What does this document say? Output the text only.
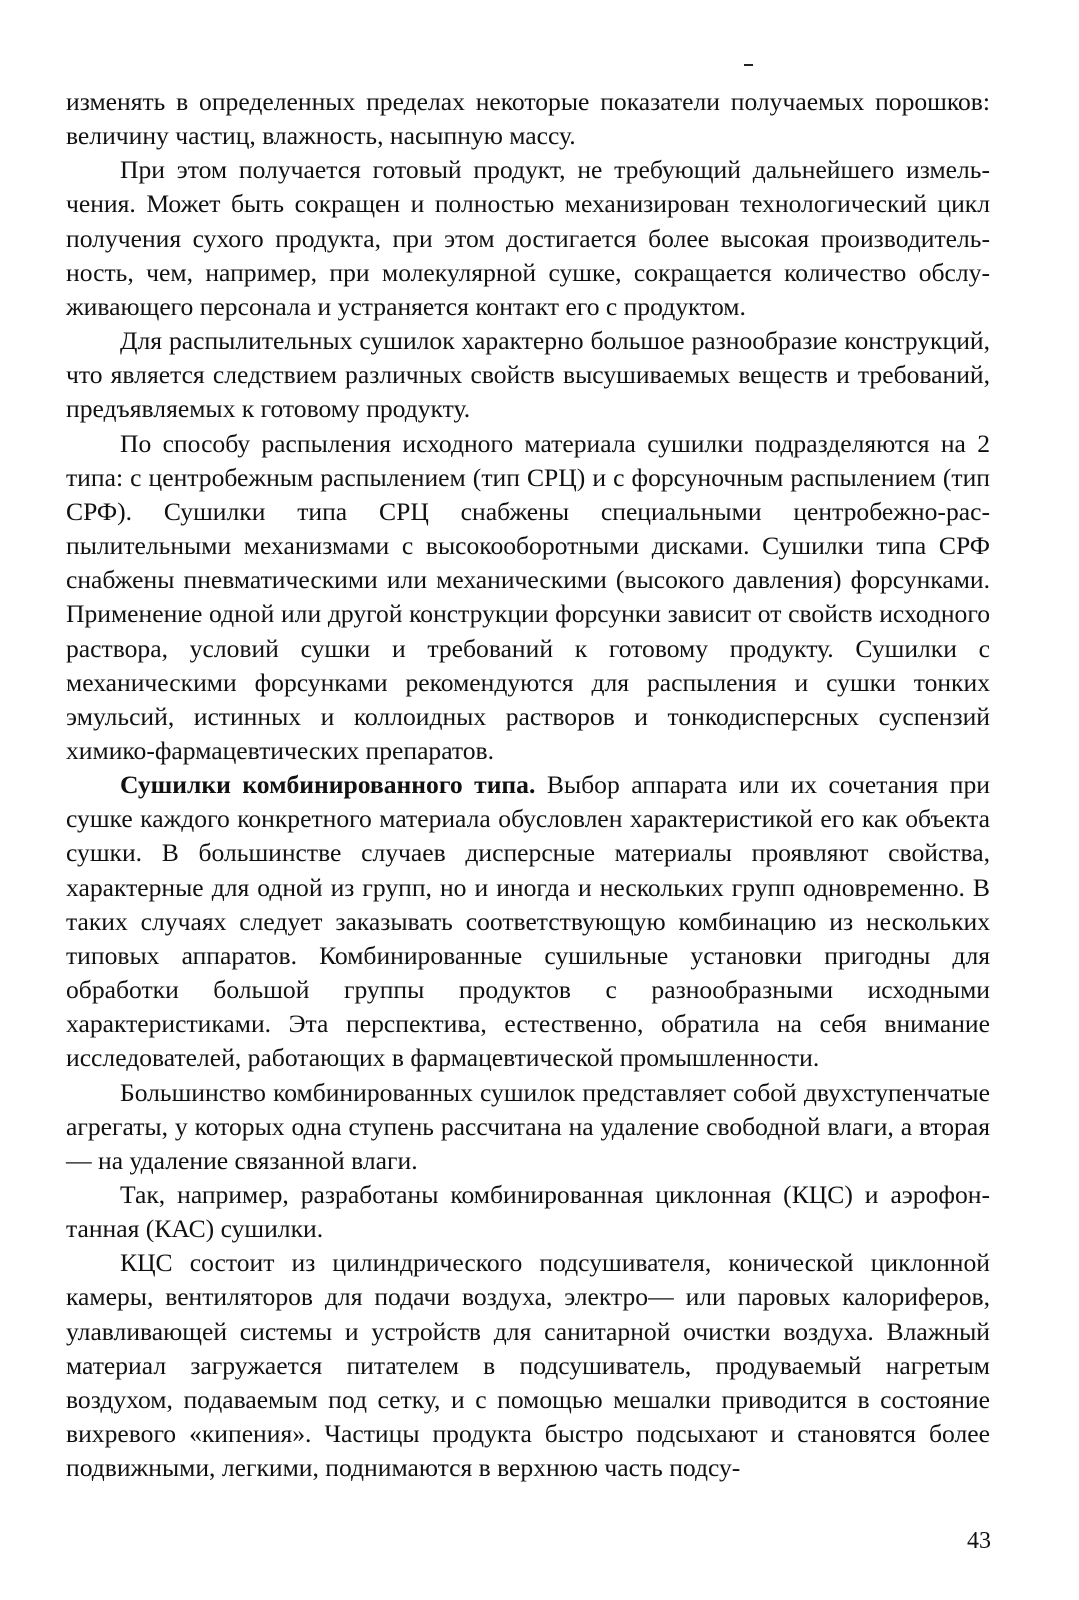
изменять в определенных пределах некоторые показатели получаемых порошков: величину частиц, влажность, насыпную массу.

При этом получается готовый продукт, не требующий дальнейшего измельчения. Может быть сокращен и полностью механизирован технологический цикл получения сухого продукта, при этом достигается более высокая производительность, чем, например, при молекулярной сушке, сокращается количество обслуживающего персонала и устраняется контакт его с продуктом.

Для распылительных сушилок характерно большое разнообразие конструкций, что является следствием различных свойств высушиваемых веществ и требований, предъявляемых к готовому продукту.

По способу распыления исходного материала сушилки подразделяются на 2 типа: с центробежным распылением (тип СРЦ) и с форсуночным распылением (тип СРФ). Сушилки типа СРЦ снабжены специальными центробежно-распылительными механизмами с высокооборотными дисками. Сушилки типа СРФ снабжены пневматическими или механическими (высокого давления) форсунками. Применение одной или другой конструкции форсунки зависит от свойств исходного раствора, условий сушки и требований к готовому продукту. Сушилки с механическими форсунками рекомендуются для распыления и сушки тонких эмульсий, истинных и коллоидных растворов и тонкодисперсных суспензий химико-фармацевтических препаратов.

Сушилки комбинированного типа. Выбор аппарата или их сочетания при сушке каждого конкретного материала обусловлен характеристикой его как объекта сушки. В большинстве случаев дисперсные материалы проявляют свойства, характерные для одной из групп, но и иногда и нескольких групп одновременно. В таких случаях следует заказывать соответствующую комбинацию из нескольких типовых аппаратов. Комбинированные сушильные установки пригодны для обработки большой группы продуктов с разнообразными исходными характеристиками. Эта перспектива, естественно, обратила на себя внимание исследователей, работающих в фармацевтической промышленности.

Большинство комбинированных сушилок представляет собой двухступенчатые агрегаты, у которых одна ступень рассчитана на удаление свободной влаги, а вторая — на удаление связанной влаги.

Так, например, разработаны комбинированная циклонная (КЦС) и аэрофонтанная (КАС) сушилки.

КЦС состоит из цилиндрического подсушивателя, конической циклонной камеры, вентиляторов для подачи воздуха, электро— или паровых калориферов, улавливающей системы и устройств для санитарной очистки воздуха. Влажный материал загружается питателем в подсушиватель, продуваемый нагретым воздухом, подаваемым под сетку, и с помощью мешалки приводится в состояние вихревого «кипения». Частицы продукта быстро подсыхают и становятся более подвижными, легкими, поднимаются в верхнюю часть подсу-

43
